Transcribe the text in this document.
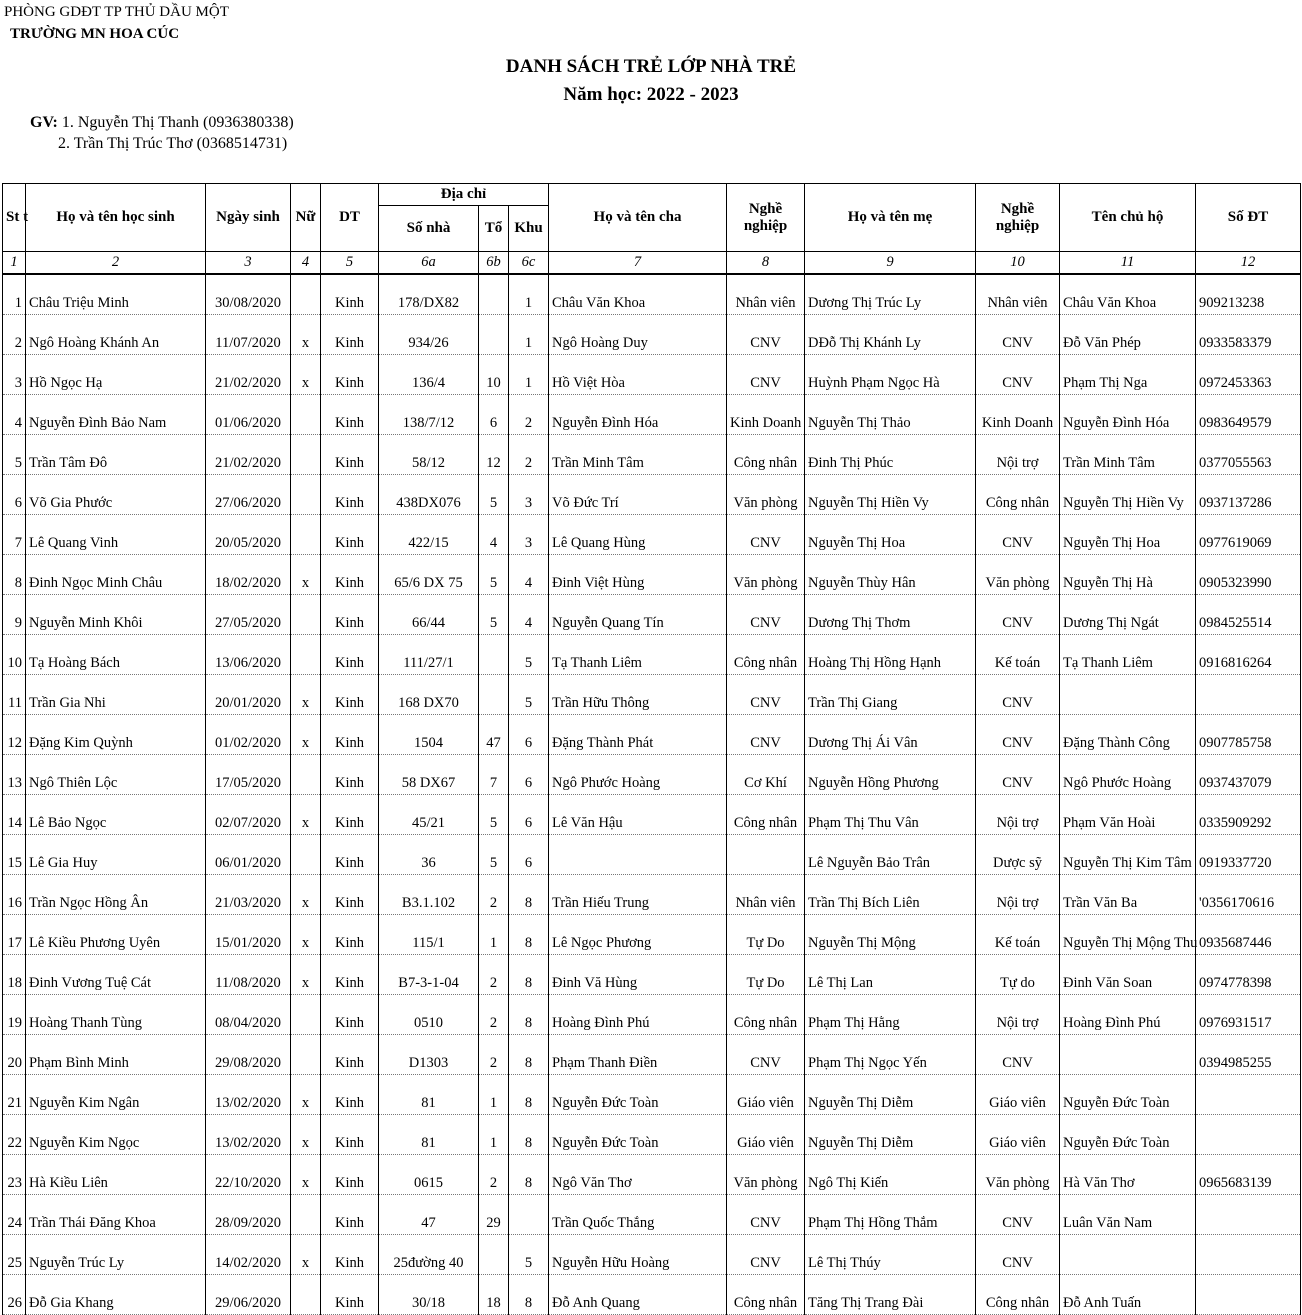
PHÒNG GDĐT TP THỦ DẦU MỘT
TRƯỜNG MN HOA CÚC
DANH SÁCH TRẺ LỚP NHÀ TRẺ
Năm học: 2022 - 2023
GV: 1. Nguyễn Thị Thanh (0936380338)
2. Trần Thị Trúc Thơ (0368514731)
St t	Họ và tên học sinh	Ngày sinh	Nữ	DT	Địa chỉ			Họ và tên cha	Nghề nghiệp	Họ và tên mẹ	Nghề nghiệp	Tên chủ hộ	Số ĐT
					Số nhà	Tổ	Khu						
1	2	3	4	5	6a	6b	6c	7	8	9	10	11	12
1	Châu Triệu Minh	30/08/2020		Kinh	178/DX82		1	Châu Văn Khoa	Nhân viên	Dương Thị Trúc Ly	Nhân viên	Châu Văn Khoa	909213238
2	Ngô Hoàng Khánh An	11/07/2020	x	Kinh	934/26		1	Ngô Hoàng Duy	CNV	DĐỗ Thị Khánh Ly	CNV	Đỗ Văn Phép	0933583379
3	Hồ Ngọc Hạ	21/02/2020	x	Kinh	136/4	10	1	Hồ Việt Hòa	CNV	Huỳnh Phạm Ngọc Hà	CNV	Phạm Thị Nga	0972453363
4	Nguyễn Đình Bảo Nam	01/06/2020		Kinh	138/7/12	6	2	Nguyễn Đình Hóa	Kinh Doanh	Nguyễn Thị Thảo	Kinh Doanh	Nguyễn Đình Hóa	0983649579
5	Trần Tâm Đô	21/02/2020		Kinh	58/12	12	2	Trần Minh Tâm	Công nhân	Đinh Thị Phúc	Nội trợ	Trần Minh Tâm	0377055563
6	Võ Gia Phước	27/06/2020		Kinh	438DX076	5	3	Võ Đức Trí	Văn phòng	Nguyễn Thị Hiền Vy	Công nhân	Nguyễn Thị Hiền Vy	0937137286
7	Lê Quang Vinh	20/05/2020		Kinh	422/15	4	3	Lê Quang Hùng	CNV	Nguyễn Thị Hoa	CNV	Nguyễn Thị Hoa	0977619069
8	Đinh Ngọc Minh Châu	18/02/2020	x	Kinh	65/6 DX 75	5	4	Đinh Việt Hùng	Văn phòng	Nguyễn Thùy Hân	Văn phòng	Nguyễn Thị Hà	0905323990
9	Nguyễn Minh Khôi	27/05/2020		Kinh	66/44	5	4	Nguyễn Quang Tín	CNV	Dương Thị Thơm	CNV	Dương Thị Ngát	0984525514
10	Tạ Hoàng Bách	13/06/2020		Kinh	111/27/1		5	Tạ Thanh Liêm	Công nhân	Hoàng Thị Hồng Hạnh	Kế toán	Tạ Thanh Liêm	0916816264
11	Trần Gia Nhi	20/01/2020	x	Kinh	168 DX70		5	Trần Hữu Thông	CNV	Trần Thị Giang	CNV		
12	Đặng Kim Quỳnh	01/02/2020	x	Kinh	1504	47	6	Đặng Thành Phát	CNV	Dương Thị Ái Vân	CNV	Đặng Thành Công	0907785758
13	Ngô Thiên Lộc	17/05/2020		Kinh	58 DX67	7	6	Ngô Phước Hoàng	Cơ Khí	Nguyễn Hồng Phương	CNV	Ngô Phước Hoàng	0937437079
14	Lê Bảo Ngọc	02/07/2020	x	Kinh	45/21	5	6	Lê Văn Hậu	Công nhân	Phạm Thị Thu Vân	Nội trợ	Phạm Văn Hoài	0335909292
15	Lê Gia Huy	06/01/2020		Kinh	36	5	6			Lê Nguyễn Bảo Trân	Dược sỹ	Nguyễn Thị Kim Tâm	0919337720
16	Trần Ngọc Hồng Ân	21/03/2020	x	Kinh	B3.1.102	2	8	Trần Hiếu Trung	Nhân viên	Trần Thị Bích Liên	Nội trợ	Trần Văn Ba	'0356170616
17	Lê Kiều Phương Uyên	15/01/2020	x	Kinh	115/1	1	8	Lê Ngọc Phương	Tự Do	Nguyễn Thị Mộng	Kế toán	Nguyễn Thị Mộng Thu	0935687446
18	Đinh Vương Tuệ Cát	11/08/2020	x	Kinh	B7-3-1-04	2	8	Đinh Vă Hùng	Tự Do	Lê Thị Lan	Tự do	Đinh Văn Soan	0974778398
19	Hoàng Thanh Tùng	08/04/2020		Kinh	0510	2	8	Hoàng Đình Phú	Công nhân	Phạm Thị Hằng	Nội trợ	Hoàng Đình Phú	0976931517
20	Phạm Bình Minh	29/08/2020		Kinh	D1303	2	8	Phạm Thanh Điền	CNV	Phạm Thị Ngọc Yến	CNV		0394985255
21	Nguyễn Kim Ngân	13/02/2020	x	Kinh	81	1	8	Nguyễn Đức Toàn	Giáo viên	Nguyễn Thị Diễm	Giáo viên	Nguyễn Đức Toàn	
22	Nguyễn Kim Ngọc	13/02/2020	x	Kinh	81	1	8	Nguyễn Đức Toàn	Giáo viên	Nguyễn Thị Diễm	Giáo viên	Nguyễn Đức Toàn	
23	Hà Kiều Liên	22/10/2020	x	Kinh	0615	2	8	Ngô Văn Thơ	Văn phòng	Ngô Thị Kiến	Văn phòng	Hà Văn Thơ	0965683139
24	Trần Thái Đăng Khoa	28/09/2020		Kinh	47	29		Trần Quốc Thắng	CNV	Phạm Thị Hồng Thắm	CNV	Luân Văn Nam	
25	Nguyễn Trúc Ly	14/02/2020	x	Kinh	25đường 40		5	Nguyễn Hữu Hoàng	CNV	Lê Thị Thúy	CNV		
26	Đỗ Gia Khang	29/06/2020		Kinh	30/18	18	8	Đỗ Anh Quang	Công nhân	Tăng Thị Trang Đài	Công nhân	Đỗ Anh Tuấn	
